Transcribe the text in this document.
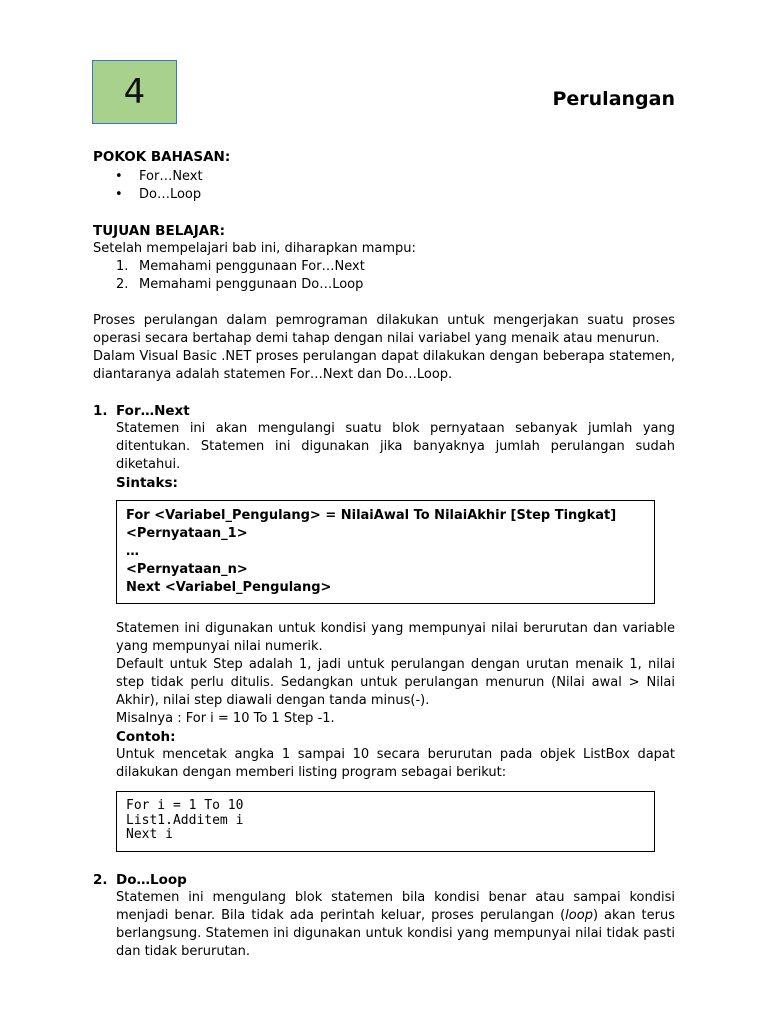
4	Perulangan
POKOK BAHASAN:
• For…Next
• Do…Loop
TUJUAN BELAJAR:
Setelah mempelajari bab ini, diharapkan mampu:
1. Memahami penggunaan For…Next
2. Memahami penggunaan Do…Loop

Proses perulangan dalam pemrograman dilakukan untuk mengerjakan suatu proses operasi secara bertahap demi tahap dengan nilai variabel yang menaik atau menurun.

Dalam Visual Basic .NET proses perulangan dapat dilakukan dengan beberapa statemen, diantaranya adalah statemen For…Next dan Do…Loop.

1. For…Next

Statemen ini akan mengulangi suatu blok pernyataan sebanyak jumlah yang ditentukan. Statemen ini digunakan jika banyaknya jumlah perulangan sudah diketahui.

Sintaks:
For <Variabel_Pengulang> = NilaiAwal To NilaiAkhir [Step Tingkat]
<Pernyataan_1>
…
<Pernyataan_n>
Next <Variabel_Pengulang>

Statemen ini digunakan untuk kondisi yang mempunyai nilai berurutan dan variable yang mempunyai nilai numerik.

Default untuk Step adalah 1, jadi untuk perulangan dengan urutan menaik 1, nilai step tidak perlu ditulis. Sedangkan untuk perulangan menurun (Nilai awal > Nilai Akhir), nilai step diawali dengan tanda minus(-).

Misalnya : For i = 10 To 1 Step -1.

Contoh:

Untuk mencetak angka 1 sampai 10 secara berurutan pada objek ListBox dapat dilakukan dengan memberi listing program sebagai berikut:

For i = 1 To 10
List1.Additem i
Next i
2. Do…Loop

Statemen ini mengulang blok statemen bila kondisi benar atau sampai kondisi menjadi benar. Bila tidak ada perintah keluar, proses perulangan (loop) akan terus berlangsung. Statemen ini digunakan untuk kondisi yang mempunyai nilai tidak pasti dan tidak berurutan.
